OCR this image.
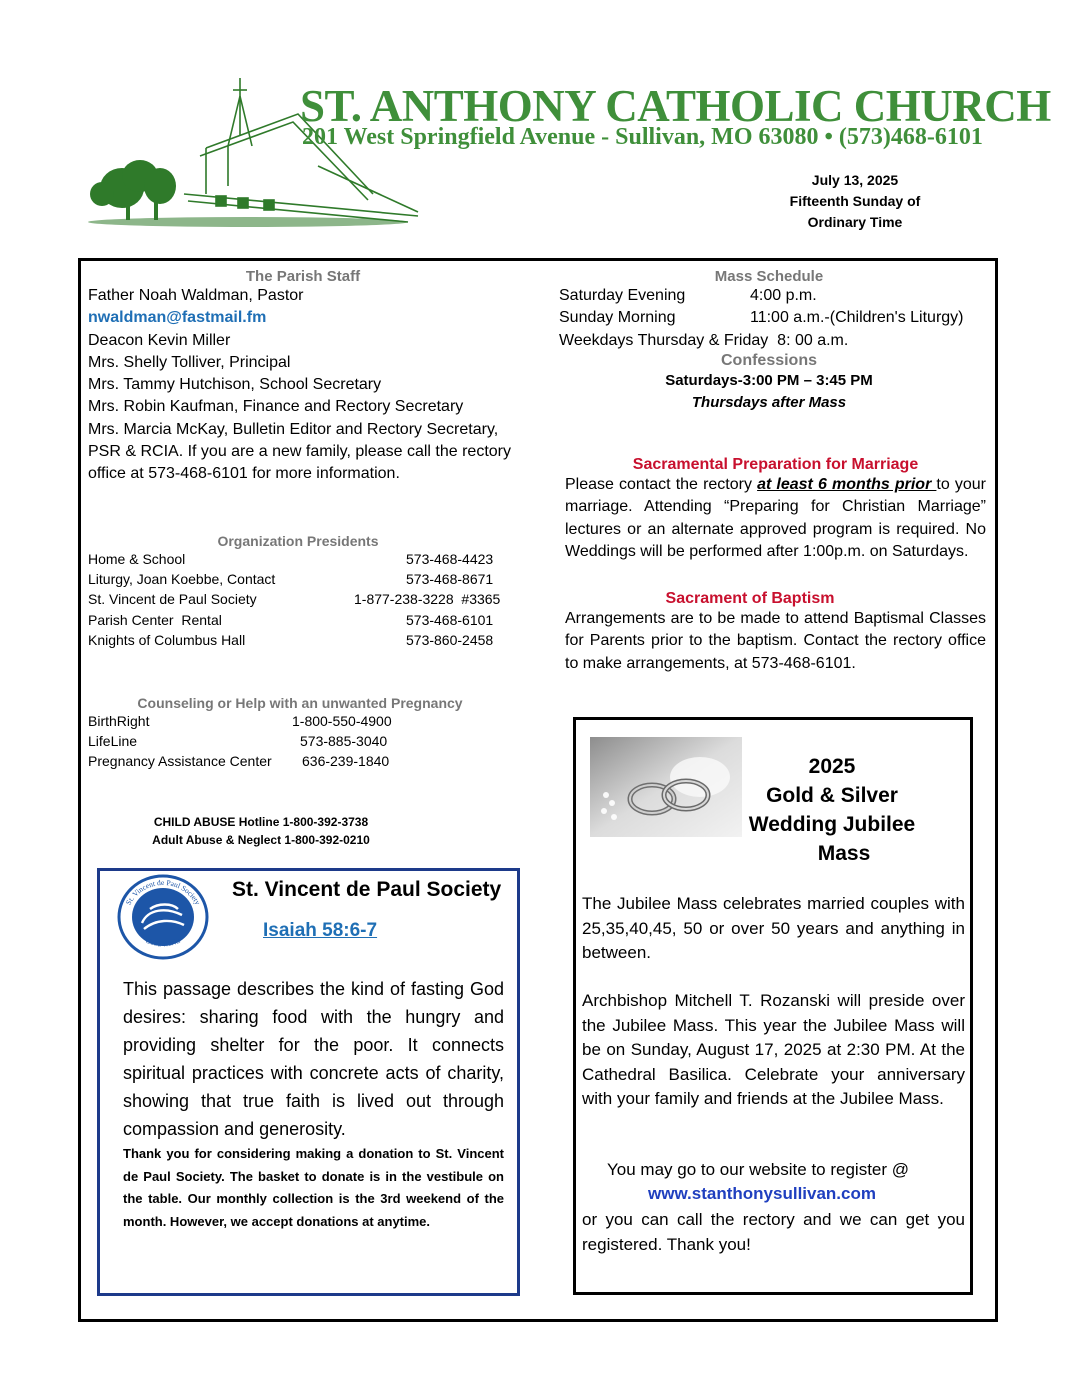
ST. ANTHONY CATHOLIC CHURCH
201 West Springfield Avenue - Sullivan, MO 63080 • (573)468-6101
July 13, 2025
Fifteenth Sunday of
Ordinary Time
The Parish Staff
Father Noah Waldman, Pastor
nwaldman@fastmail.fm
Deacon Kevin Miller
Mrs. Shelly Tolliver, Principal
Mrs. Tammy Hutchison, School Secretary
Mrs. Robin Kaufman, Finance and Rectory Secretary
Mrs. Marcia McKay, Bulletin Editor and Rectory Secretary,
PSR & RCIA. If you are a new family, please call the rectory
office at 573-468-6101 for more information.
Organization Presidents
Home & School	573-468-4423
Liturgy, Joan Koebbe, Contact	573-468-8671
St. Vincent de Paul Society	1-877-238-3228  #3365
Parish Center  Rental	573-468-6101
Knights of Columbus Hall	573-860-2458
Counseling or Help with an unwanted Pregnancy
BirthRight	1-800-550-4900
LifeLine	573-885-3040
Pregnancy Assistance Center 636-239-1840
CHILD ABUSE Hotline 1-800-392-3738
Adult Abuse & Neglect 1-800-392-0210
St. Vincent de Paul Society
Good Works
St. Vincent de Paul Society
Isaiah 58:6-7
This passage describes the kind of fasting God desires: sharing food with the hungry and providing shelter for the poor. It connects spiritual practices with concrete acts of charity, showing that true faith is lived out through compassion and generosity.
Thank you for considering making a donation to St. Vincent de Paul Society. The basket to donate is in the vestibule on the table. Our monthly collection is the 3rd weekend of the month. However, we accept donations at anytime.
Mass Schedule
Saturday Evening	4:00 p.m.
Sunday Morning	11:00 a.m.-(Children's Liturgy)
Weekdays Thursday & Friday  8: 00 a.m.
Confessions
Saturdays-3:00 PM – 3:45 PM
Thursdays after Mass
Sacramental Preparation for Marriage
Please contact the rectory at least 6 months prior to your marriage. Attending “Preparing for Christian Marriage” lectures or an alternate approved program is required. No Weddings will be performed after 1:00p.m. on Saturdays.
Sacrament of Baptism
Arrangements are to be made to attend Baptismal Classes for Parents prior to the baptism. Contact the rectory office to make arrangements, at 573-468-6101.
2025
Gold & Silver
Wedding Jubilee
Mass
The Jubilee Mass celebrates married couples with 25,35,40,45, 50 or over 50 years and anything in between.
Archbishop Mitchell T. Rozanski will preside over the Jubilee Mass. This year the Jubilee Mass will be on Sunday, August 17, 2025 at 2:30 PM. At the Cathedral Basilica. Celebrate your anniversary with your family and friends at the Jubilee Mass.
You may go to our website to register @
www.stanthonysullivan.com
or you can call the rectory and we can get you registered. Thank you!
